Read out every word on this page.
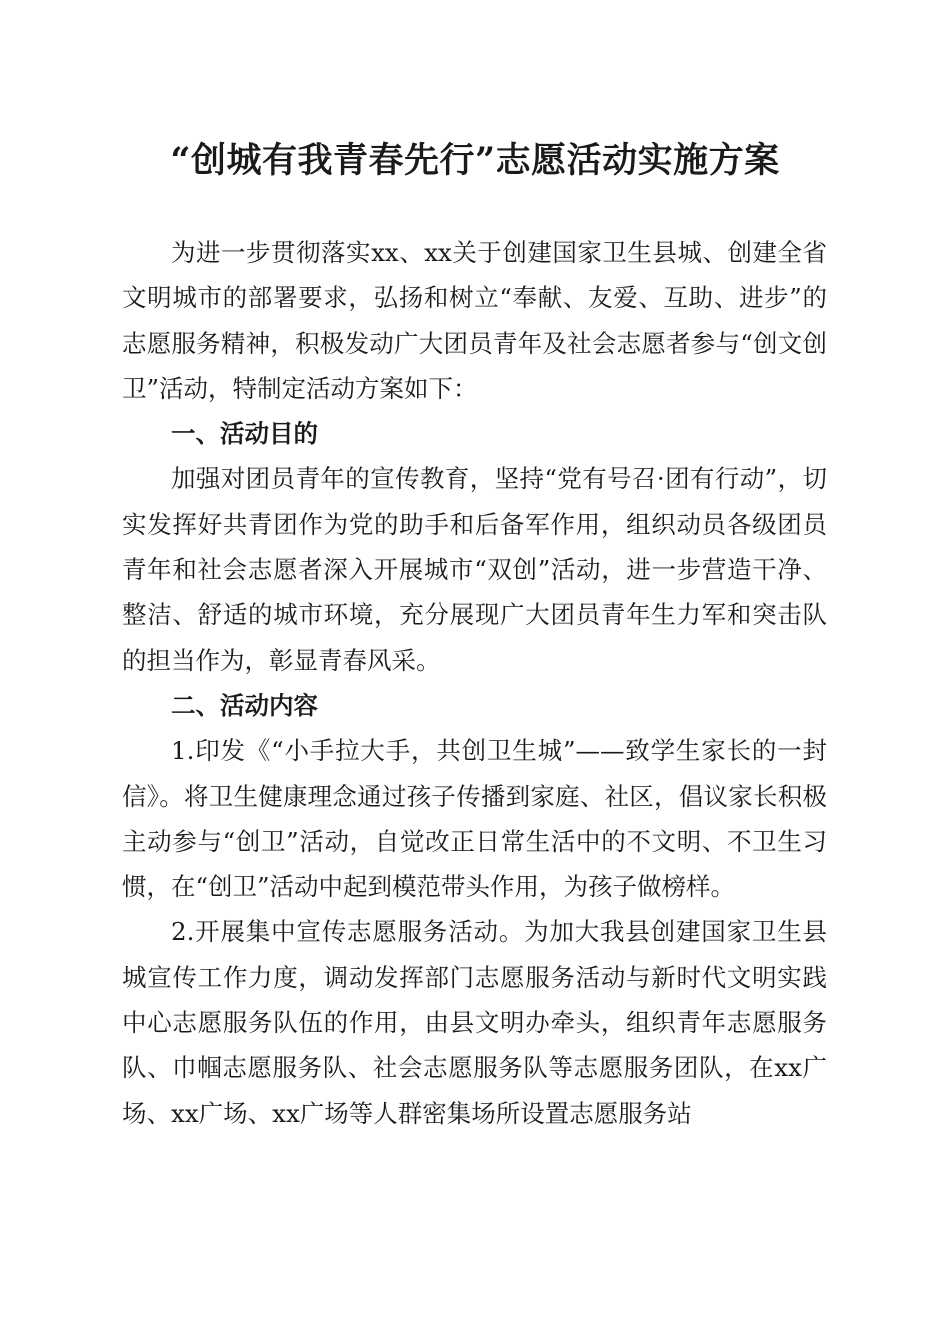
“创城有我青春先行”志愿活动实施方案

为进一步贯彻落实xx、xx关于创建国家卫生县城、创建全省文明城市的部署要求，弘扬和树立“奉献、友爱、互助、进步”的志愿服务精神，积极发动广大团员青年及社会志愿者参与“创文创卫”活动，特制定活动方案如下：

一、活动目的

加强对团员青年的宣传教育，坚持“党有号召·团有行动”，切实发挥好共青团作为党的助手和后备军作用，组织动员各级团员青年和社会志愿者深入开展城市“双创”活动，进一步营造干净、整洁、舒适的城市环境，充分展现广大团员青年生力军和突击队的担当作为，彰显青春风采。

二、活动内容

1.印发《“小手拉大手，共创卫生城”——致学生家长的一封信》。将卫生健康理念通过孩子传播到家庭、社区，倡议家长积极主动参与“创卫”活动，自觉改正日常生活中的不文明、不卫生习惯，在“创卫”活动中起到模范带头作用，为孩子做榜样。

2.开展集中宣传志愿服务活动。为加大我县创建国家卫生县城宣传工作力度，调动发挥部门志愿服务活动与新时代文明实践中心志愿服务队伍的作用，由县文明办牵头，组织青年志愿服务队、巾帼志愿服务队、社会志愿服务队等志愿服务团队，在xx广场、xx广场、xx广场等人群密集场所设置志愿服务站
